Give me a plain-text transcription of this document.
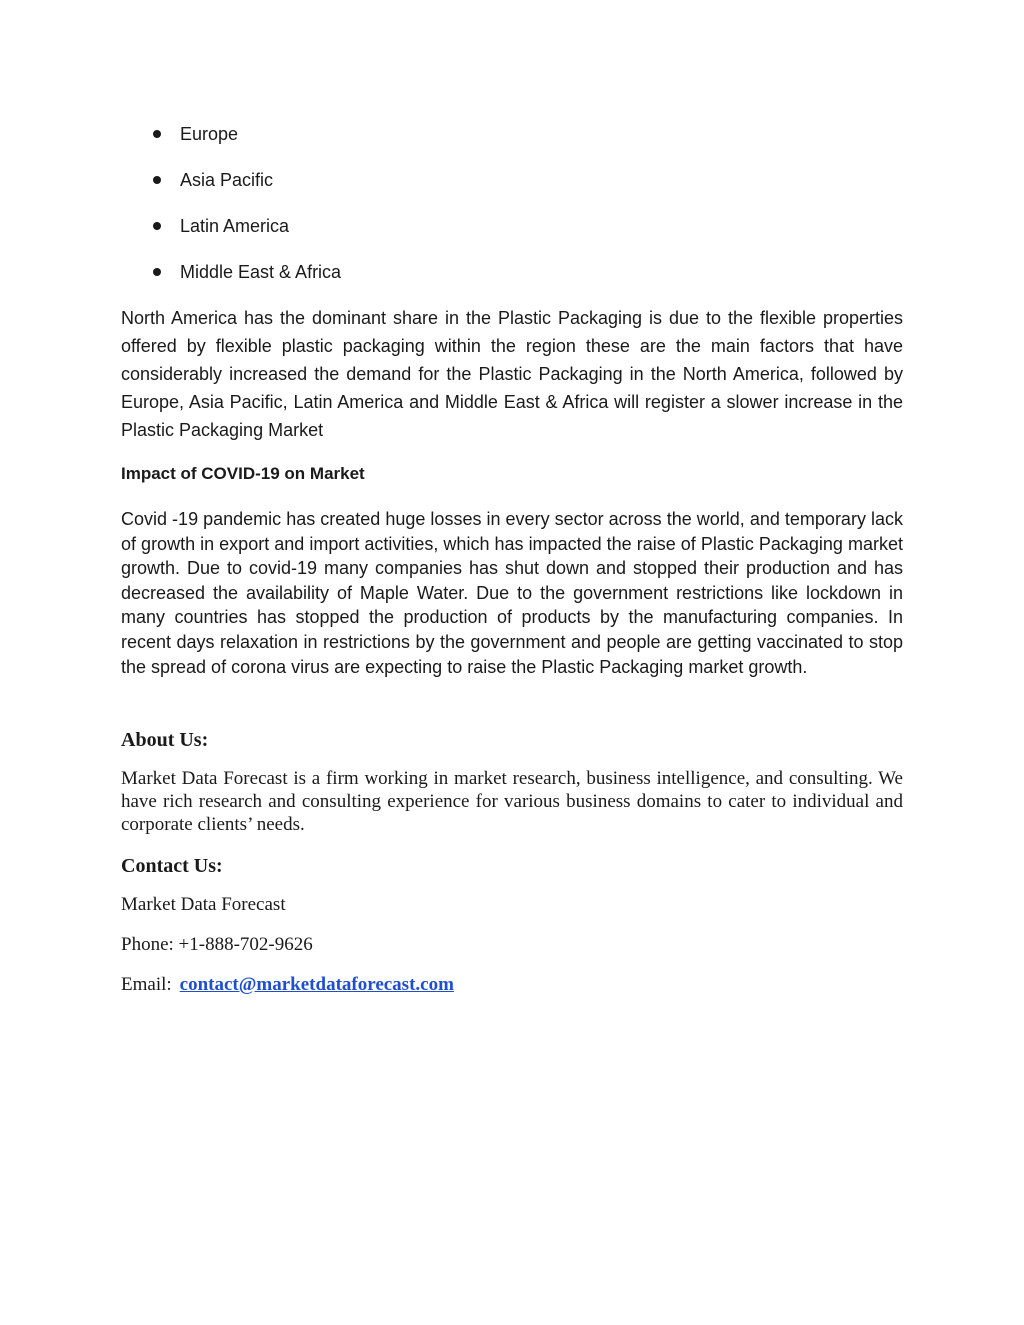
Europe
Asia Pacific
Latin America
Middle East & Africa

North America has the dominant share in the Plastic Packaging is due to the flexible properties offered by flexible plastic packaging within the region these are the main factors that have considerably increased the demand for the Plastic Packaging in the North America, followed by Europe, Asia Pacific, Latin America and Middle East & Africa will register a slower increase in the Plastic Packaging Market

Impact of COVID-19 on Market

Covid -19 pandemic has created huge losses in every sector across the world, and temporary lack of growth in export and import activities, which has impacted the raise of Plastic Packaging market growth. Due to covid-19 many companies has shut down and stopped their production and has decreased the availability of Maple Water. Due to the government restrictions like lockdown in many countries has stopped the production of products by the manufacturing companies. In recent days relaxation in restrictions by the government and people are getting vaccinated to stop the spread of corona virus are expecting to raise the Plastic Packaging market growth.

About Us:

Market Data Forecast is a firm working in market research, business intelligence, and consulting. We have rich research and consulting experience for various business domains to cater to individual and corporate clients’ needs.

Contact Us:

Market Data Forecast

Phone: +1-888-702-9626

Email: contact@marketdataforecast.com
